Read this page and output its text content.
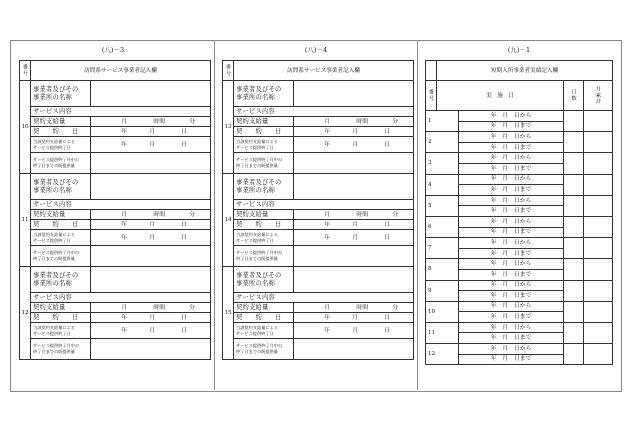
(八)－3	(八)－4	(九)－1
番号	訪問系サービス事業者記入欄	
10	事業者及びその
事業所の名称	
	サービス内容	
	契約支給量	月 時間 分
	契　　約　　日	年 月 日
	当該契約支給量による
サービス提供終了日	年 月 日
	サービス提供終了月中の
終了日までの既提供量	
11	事業者及びその
事業所の名称	
	サービス内容	
	契約支給量	月 時間 分
	契　　約　　日	年 月 日
	当該契約支給量による
サービス提供終了日	年 月 日
	サービス提供終了月中の
終了日までの既提供量	
12	事業者及びその
事業所の名称	
	サービス内容	
	契約支給量	月 時間 分
	契　　約　　日	年 月 日
	当該契約支給量による
サービス提供終了日	年 月 日
	サービス提供終了月中の
終了日までの既提供量	
番号	訪問系サービス事業者記入欄	
13	事業者及びその
事業所の名称	
	サービス内容	
	契約支給量	月 時間 分
	契　　約　　日	年 月 日
	当該契約支給量による
サービス提供終了日	年 月 日
	サービス提供終了月中の
終了日までの既提供量	
14	事業者及びその
事業所の名称	
	サービス内容	
	契約支給量	月 時間 分
	契　　約　　日	年 月 日
	当該契約支給量による
サービス提供終了日	年 月 日
	サービス提供終了月中の
終了日までの既提供量	
15	事業者及びその
事業所の名称	
	サービス内容	
	契約支給量	月 時間 分
	契　　約　　日	年 月 日
	当該契約支給量による
サービス提供終了日	年 月 日
	サービス提供終了月中の
終了日までの既提供量	
	短期入所事業者実績記入欄			

番号	実　施　日		日数	月累計

1		年　月　日から		
		年　月　日まで		
2		年　月　日から		
		年　月　日まで		
3		年　月　日から		
		年　月　日まで		
4		年　月　日から		
		年　月　日まで		
5		年　月　日から		
		年　月　日まで		
6		年　月　日から		
		年　月　日まで		
7		年　月　日から		
		年　月　日まで		
8		年　月　日から		
		年　月　日まで		
9		年　月　日から		
		年　月　日まで		
10		年　月　日から		
		年　月　日まで		
11		年　月　日から		
		年　月　日まで		
12		年　月　日から		
		年　月　日まで		
